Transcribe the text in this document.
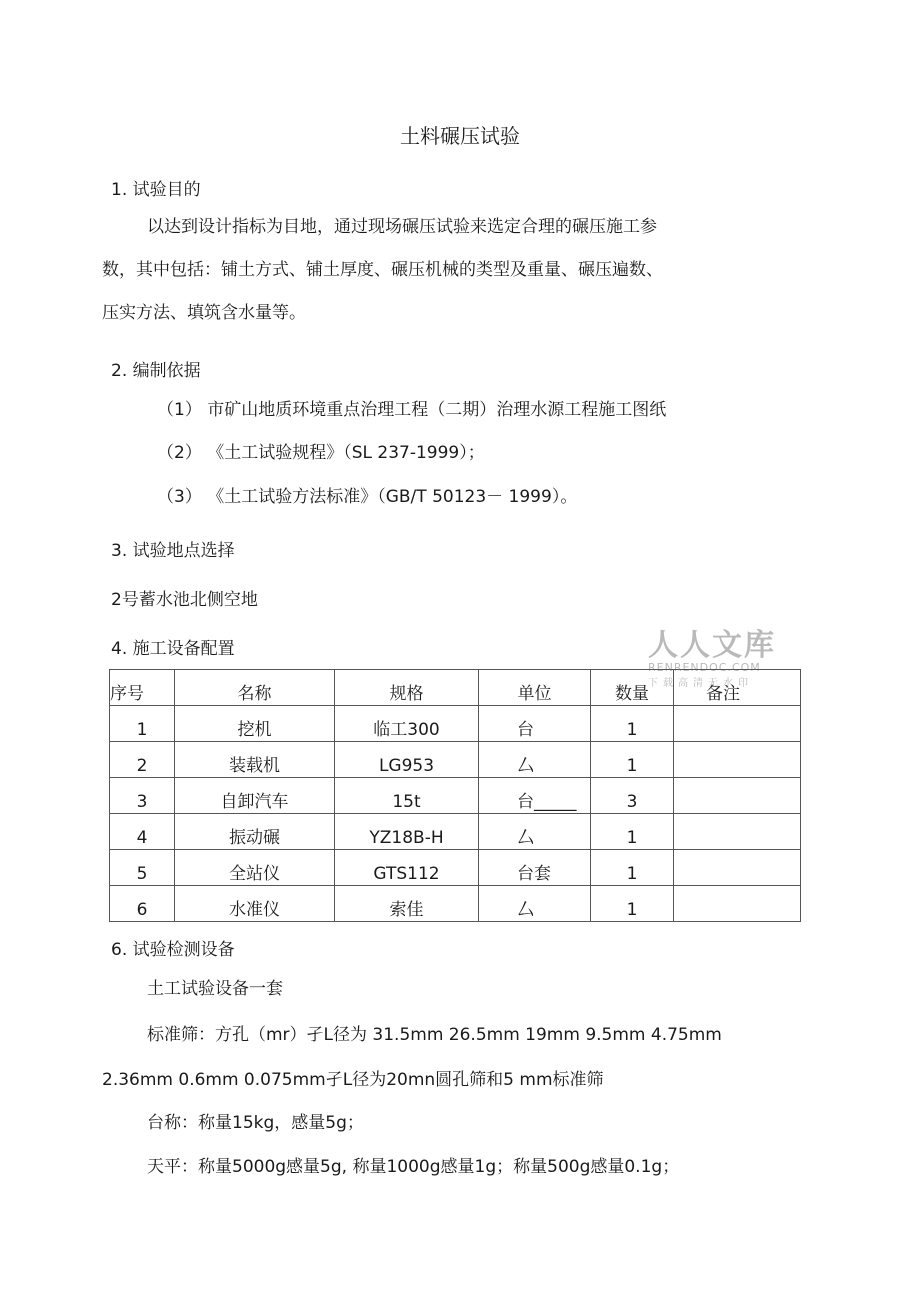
土料碾压试验
1. 试验目的
以达到设计指标为目地，通过现场碾压试验来选定合理的碾压施工参
数，其中包括：铺土方式、铺土厚度、碾压机械的类型及重量、碾压遍数、
压实方法、填筑含水量等。
2. 编制依据
（1） 市矿山地质环境重点治理工程（二期）治理水源工程施工图纸
（2） 《土工试验规程》（SL 237-1999）；
（3） 《土工试验方法标准》（GB/T 50123－ 1999）。
3. 试验地点选择
2号蓄水池北侧空地
4. 施工设备配置	人人文库
RENRENDOC.COM
下载高清无水印
序号	名称	规格	单位	数量	备注
1	挖机	临工300	台	1	
2	装载机	LG953	厶	1	
3	自卸汽车	15t	台_____	3	
4	振动碾	YZ18B-H	厶	1	
5	全站仪	GTS112	台套	1	
6	水准仪	索佳	厶	1	
6. 试验检测设备
土工试验设备一套
标准筛：方孔（mr）孑L径为 31.5mm 26.5mm 19mm 9.5mm 4.75mm
2.36mm 0.6mm 0.075mm孑L径为20mn圆孔筛和5 mm标准筛
台称：称量15kg，感量5g；
天平：称量5000g感量5g, 称量1000g感量1g；称量500g感量0.1g；
